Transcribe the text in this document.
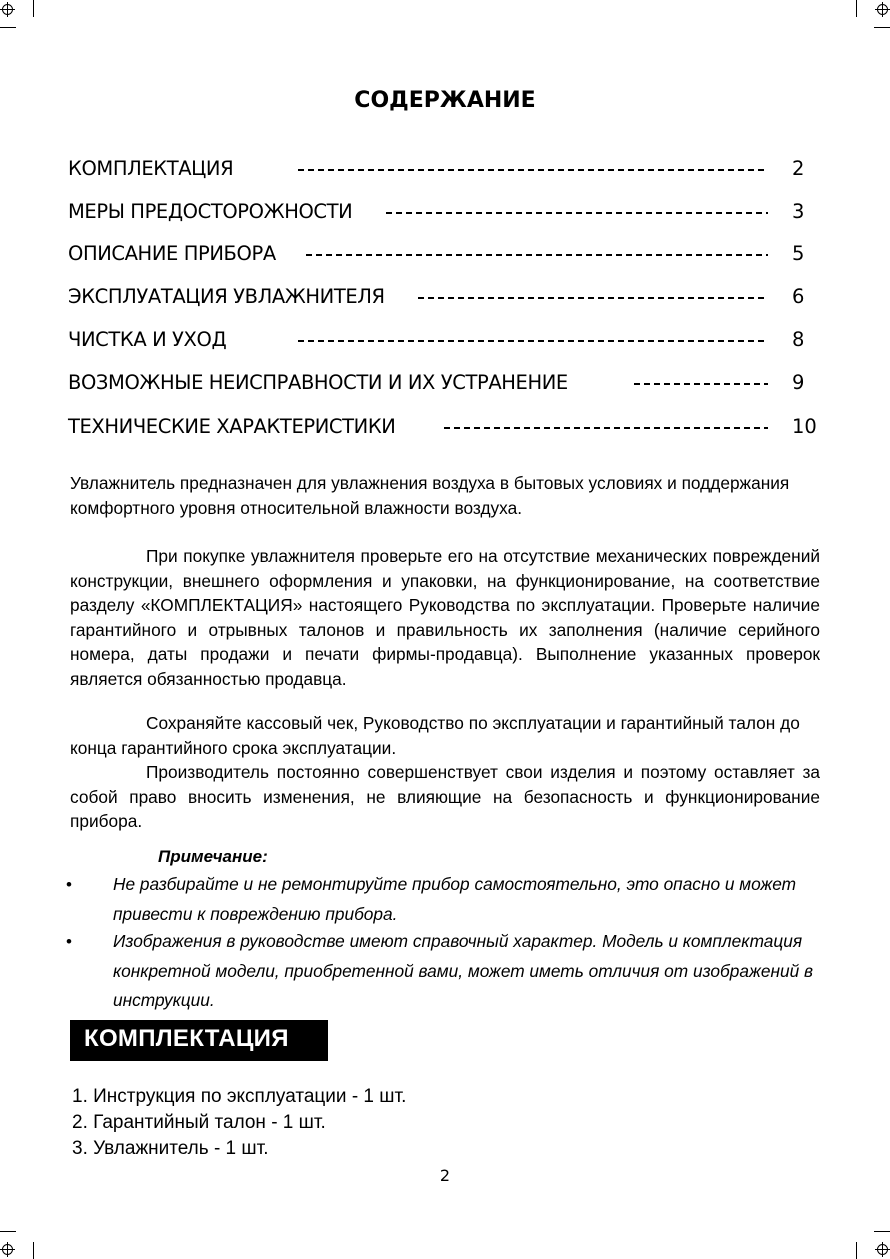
СОДЕРЖАНИЕ
КОМПЛЕКТАЦИЯ	2
МЕРЫ ПРЕДОСТОРОЖНОСТИ	3
ОПИСАНИЕ ПРИБОРА	5
ЭКСПЛУАТАЦИЯ УВЛАЖНИТЕЛЯ	6
ЧИСТКА И УХОД	8
ВОЗМОЖНЫЕ НЕИСПРАВНОСТИ И ИХ УСТРАНЕНИЕ	9
ТЕХНИЧЕСКИЕ ХАРАКТЕРИСТИКИ	10

Увлажнитель предназначен для увлажнения воздуха в бытовых условиях и поддержания комфортного уровня относительной влажности воздуха.

При покупке увлажнителя проверьте его на отсутствие механических повреждений конструкции, внешнего оформления и упаковки, на функционирование, на соответствие разделу «КОМПЛЕКТАЦИЯ» настоящего Руководства по эксплуатации. Проверьте наличие гарантийного и отрывных талонов и правильность их заполнения (наличие серийного номера, даты продажи и печати фирмы-продавца). Выполнение указанных проверок является обязанностью продавца.

Сохраняйте кассовый чек, Руководство по эксплуатации и гарантийный талон до конца гарантийного срока эксплуатации.

Производитель постоянно совершенствует свои изделия и поэтому оставляет за собой право вносить изменения, не влияющие на безопасность и функционирование прибора.

Примечание:
• Не разбирайте и не ремонтируйте прибор самостоятельно, это опасно и может привести к повреждению прибора.
• Изображения в руководстве имеют справочный характер. Модель и комплектация конкретной модели, приобретенной вами, может иметь отличия от изображений в инструкции.
КОМПЛЕКТАЦИЯ
1. Инструкция по эксплуатации - 1 шт.
2. Гарантийный талон - 1 шт.
3. Увлажнитель - 1 шт.
2
